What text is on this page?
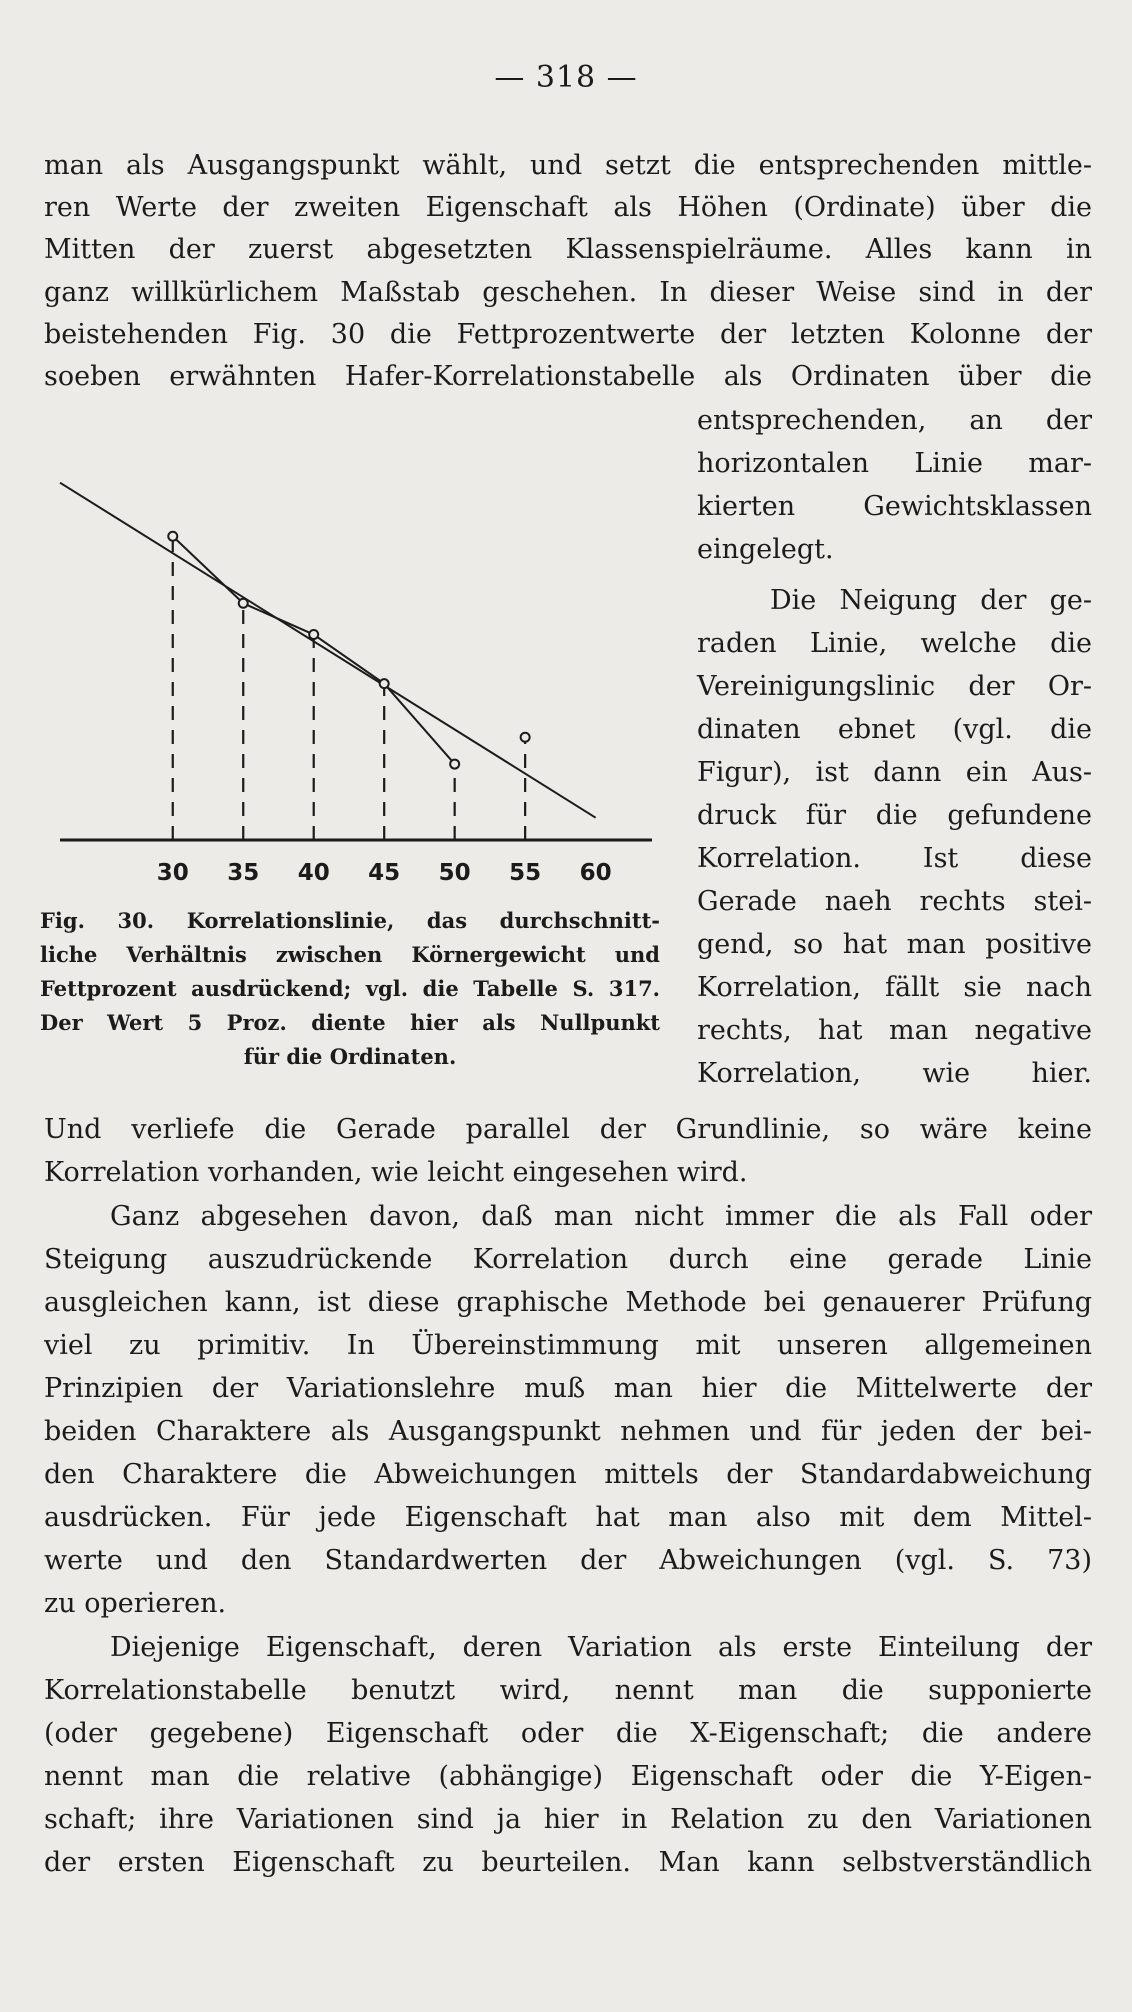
— 318 —
man als Ausgangspunkt wählt, und setzt die entsprechenden mittle-
ren Werte der zweiten Eigenschaft als Höhen (Ordinate) über die
Mitten der zuerst abgesetzten Klassenspielräume. Alles kann in
ganz willkürlichem Maßstab geschehen. In dieser Weise sind in der
beistehenden Fig. 30 die Fettprozentwerte der letzten Kolonne der
soeben erwähnten Hafer-Korrelationstabelle als Ordinaten über die
entsprechenden, an der
horizontalen Linie mar-
kierten Gewichtsklassen
eingelegt.
Die Neigung der ge-
raden Linie, welche die
Vereinigungslinic der Or-
dinaten ebnet (vgl. die
Figur), ist dann ein Aus-
druck für die gefundene
Korrelation. Ist diese
Gerade naeh rechts stei-
gend, so hat man positive
Korrelation, fällt sie nach
rechts, hat man negative
Korrelation, wie hier.
30 35 40 45 50 55 60
Fig. 30. Korrelationslinie, das durchschnitt-
liche Verhältnis zwischen Körnergewicht und
Fettprozent ausdrückend; vgl. die Tabelle S. 317.
Der Wert 5 Proz. diente hier als Nullpunkt
für die Ordinaten.
Und verliefe die Gerade parallel der Grundlinie, so wäre keine
Korrelation vorhanden, wie leicht eingesehen wird.
Ganz abgesehen davon, daß man nicht immer die als Fall oder
Steigung auszudrückende Korrelation durch eine gerade Linie
ausgleichen kann, ist diese graphische Methode bei genauerer Prüfung
viel zu primitiv. In Übereinstimmung mit unseren allgemeinen
Prinzipien der Variationslehre muß man hier die Mittelwerte der
beiden Charaktere als Ausgangspunkt nehmen und für jeden der bei-
den Charaktere die Abweichungen mittels der Standardabweichung
ausdrücken. Für jede Eigenschaft hat man also mit dem Mittel-
werte und den Standardwerten der Abweichungen (vgl. S. 73)
zu operieren.
Diejenige Eigenschaft, deren Variation als erste Einteilung der
Korrelationstabelle benutzt wird, nennt man die supponierte
(oder gegebene) Eigenschaft oder die X-Eigenschaft; die andere
nennt man die relative (abhängige) Eigenschaft oder die Y-Eigen-
schaft; ihre Variationen sind ja hier in Relation zu den Variationen
der ersten Eigenschaft zu beurteilen. Man kann selbstverständlich
